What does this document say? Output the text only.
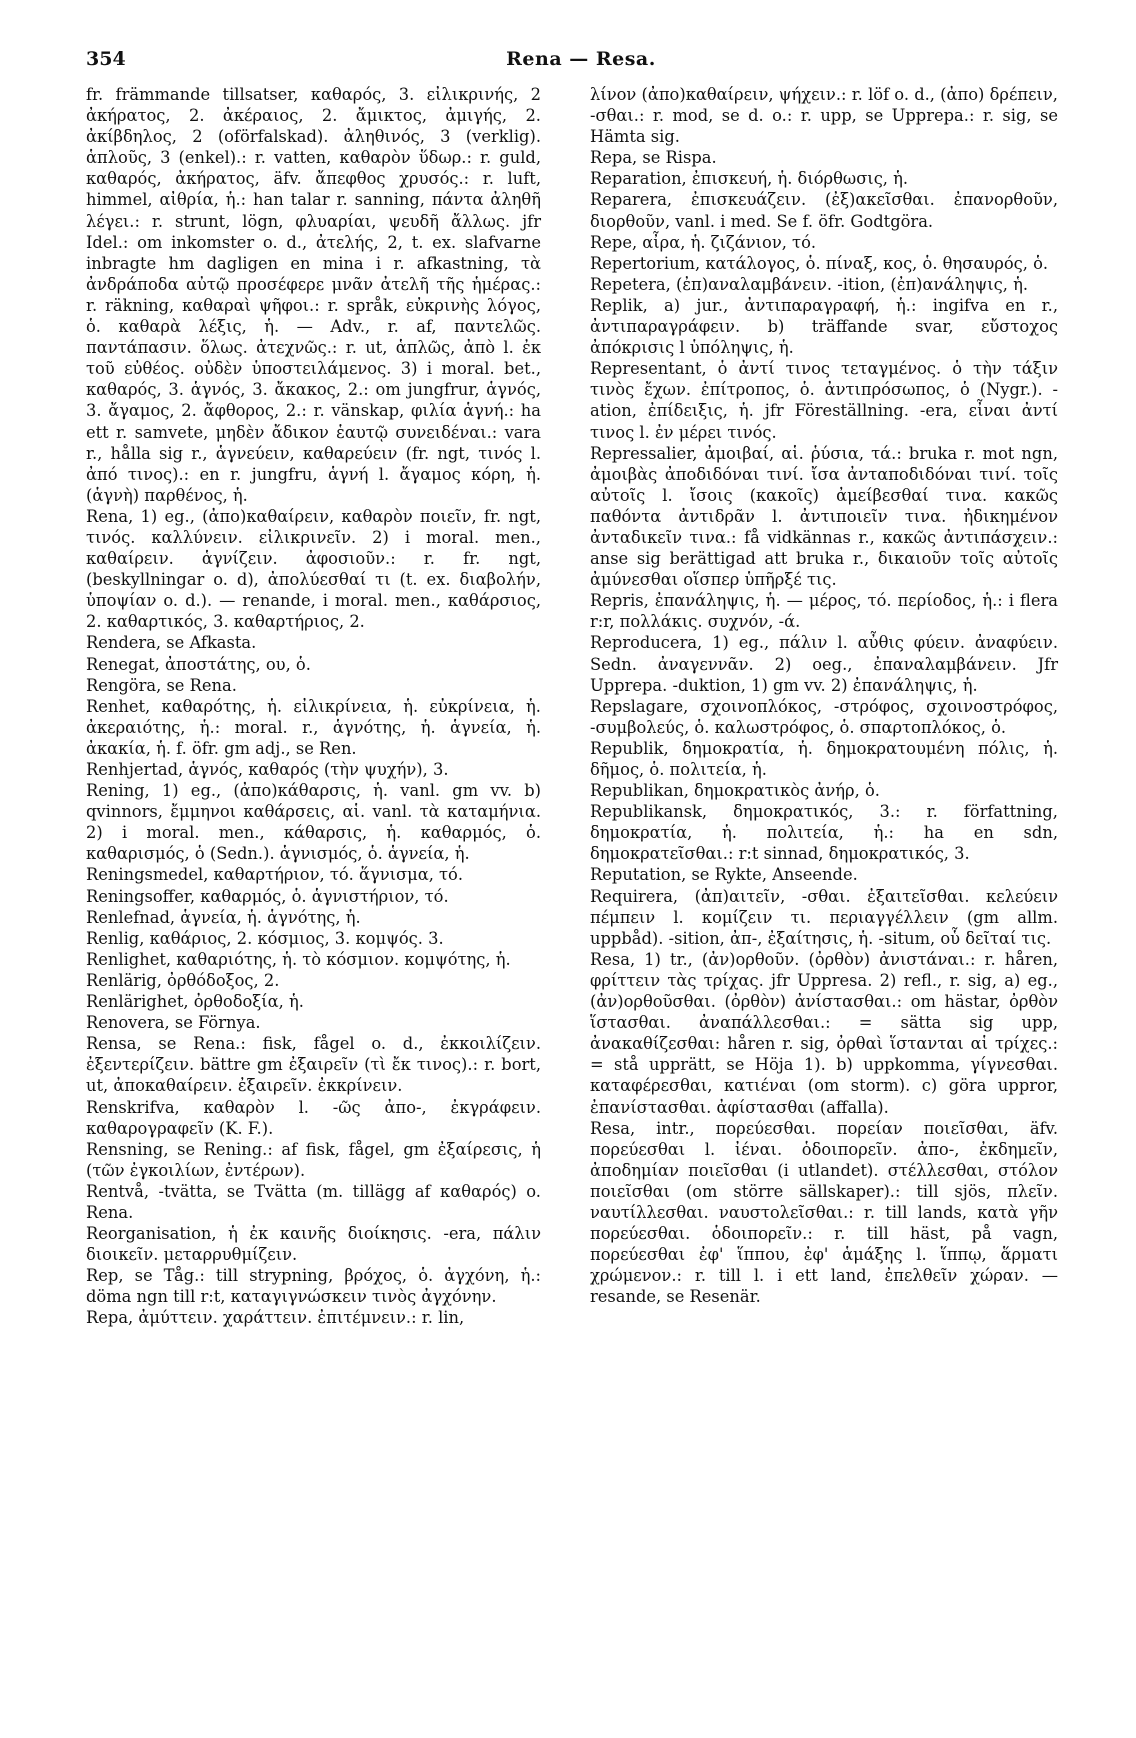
354	Rena — Resa.

fr. främmande tillsatser, καθαρός, 3. εἰλικρινής, 2 ἀκήρατος, 2. ἀκέραιος, 2. ἄμικτος, ἀμιγής, 2. ἀκίβδηλος, 2 (oförfalskad). ἀληθινός, 3 (verklig). ἁπλοῦς, 3 (enkel).: r. vatten, καθαρὸν ὕδωρ.: r. guld, καθαρός, ἀκήρατος, äfv. ἄπεφθος χρυσός.: r. luft, himmel, αἰθρία, ἡ.: han talar r. sanning, πάντα ἀληθῆ λέγει.: r. strunt, lögn, φλυαρίαι, ψευδῆ ἄλλως. jfr Idel.: om inkomster o. d., ἀτελής, 2, t. ex. slafvarne inbragte hm dagligen en mina i r. afkastning, τὰ ἀνδράποδα αὐτῷ προσέφερε μνᾶν ἀτελῆ τῆς ἡμέρας.: r. räkning, καθαραὶ ψῆφοι.: r. språk, εὐκρινὴς λόγος, ὁ. καθαρὰ λέξις, ἡ. — Adv., r. af, παντελῶς. παντάπασιν. ὅλως. ἀτεχνῶς.: r. ut, ἁπλῶς, ἀπὸ l. ἐκ τοῦ εὐθέος. οὐδὲν ὑποστειλάμενος. 3) i moral. bet., καθαρός, 3. ἁγνός, 3. ἄκακος, 2.: om jungfrur, ἁγνός, 3. ἄγαμος, 2. ἄφθορος, 2.: r. vänskap, φιλία ἁγνή.: ha ett r. samvete, μηδὲν ἄδικον ἑαυτῷ συνειδέναι.: vara r., hålla sig r., ἁγνεύειν, καθαρεύειν (fr. ngt, τινός l. ἀπό τινος).: en r. jungfru, ἁγνή l. ἄγαμος κόρη, ἡ. (ἁγνὴ) παρθένος, ἡ.

Rena, 1) eg., (ἀπο)καθαίρειν, καθαρὸν ποιεῖν, fr. ngt, τινός. καλλύνειν. εἰλικρινεῖν. 2) i moral. men., καθαίρειν. ἁγνίζειν. ἀφοσιοῦν.: r. fr. ngt, (beskyllningar o. d), ἀπολύεσθαί τι (t. ex. διαβολήν, ὑποψίαν o. d.). — renande, i moral. men., καθάρσιος, 2. καθαρτικός, 3. καθαρτήριος, 2.

Rendera, se Afkasta.

Renegat, ἀποστάτης, ου, ὁ.

Rengöra, se Rena.

Renhet, καθαρότης, ἡ. εἰλικρίνεια, ἡ. εὐκρίνεια, ἡ. ἀκεραιότης, ἡ.: moral. r., ἁγνότης, ἡ. ἁγνεία, ἡ. ἀκακία, ἡ. f. öfr. gm adj., se Ren.

Renhjertad, ἁγνός, καθαρός (τὴν ψυχήν), 3.

Rening, 1) eg., (ἀπο)κάθαρσις, ἡ. vanl. gm vv. b) qvinnors, ἔμμηνοι καθάρσεις, αἱ. vanl. τὰ καταμήνια. 2) i moral. men., κάθαρσις, ἡ. καθαρμός, ὁ. καθαρισμός, ὁ (Sedn.). ἁγνισμός, ὁ. ἁγνεία, ἡ.

Reningsmedel, καθαρτήριον, τό. ἅγνισμα, τό.

Reningsoffer, καθαρμός, ὁ. ἁγνιστήριον, τό.

Renlefnad, ἁγνεία, ἡ. ἁγνότης, ἡ.

Renlig, καθάριος, 2. κόσμιος, 3. κομψός. 3.

Renlighet, καθαριότης, ἡ. τὸ κόσμιον. κομψότης, ἡ.

Renlärig, ὀρθόδοξος, 2.

Renlärighet, ὀρθοδοξία, ἡ.

Renovera, se Förnya.

Rensa, se Rena.: fisk, fågel o. d., ἐκκοιλίζειν. ἐξεντερίζειν. bättre gm ἐξαιρεῖν (τὶ ἔκ τινος).: r. bort, ut, ἀποκαθαίρειν. ἐξαιρεῖν. ἐκκρίνειν.

Renskrifva, καθαρὸν l. -ῶς ἀπο-, ἐκγράφειν. καθαρογραφεῖν (K. F.).

Rensning, se Rening.: af fisk, fågel, gm ἐξαίρεσις, ἡ (τῶν ἐγκοιλίων, ἐντέρων).

Rentvå, -tvätta, se Tvätta (m. tillägg af καθαρός) o. Rena.

Reorganisation, ἡ ἐκ καινῆς διοίκησις. -era, πάλιν διοικεῖν. μεταρρυθμίζειν.

Rep, se Tåg.: till strypning, βρόχος, ὁ. ἀγχόνη, ἡ.: döma ngn till r:t, καταγιγνώσκειν τινὸς ἀγχόνην.

Repa, ἀμύττειν. χαράττειν. ἐπιτέμνειν.: r. lin,

λίνον (ἀπο)καθαίρειν, ψήχειν.: r. löf o. d., (ἀπο) δρέπειν, -σθαι.: r. mod, se d. o.: r. upp, se Upprepa.: r. sig, se Hämta sig.

Repa, se Rispa.

Reparation, ἐπισκευή, ἡ. διόρθωσις, ἡ.

Reparera, ἐπισκευάζειν. (ἐξ)ακεῖσθαι. ἐπανορθοῦν, διορθοῦν, vanl. i med. Se f. öfr. Godtgöra.

Repe, αἶρα, ἡ. ζιζάνιον, τό.

Repertorium, κατάλογος, ὁ. πίναξ, κος, ὁ. θησαυρός, ὁ.

Repetera, (ἐπ)αναλαμβάνειν. -ition, (ἐπ)ανάληψις, ἡ.

Replik, a) jur., ἀντιπαραγραφή, ἡ.: ingifva en r., ἀντιπαραγράφειν. b) träffande svar, εὔστοχος ἀπόκρισις l ὑπόληψις, ἡ.

Representant, ὁ ἀντί τινος τεταγμένος. ὁ τὴν τάξιν τινὸς ἔχων. ἐπίτροπος, ὁ. ἀντιπρόσωπος, ὁ (Nygr.). -ation, ἐπίδειξις, ἡ. jfr Föreställning. -era, εἶναι ἀντί τινος l. ἐν μέρει τινός.

Repressalier, ἀμοιβαί, αἱ. ῥύσια, τά.: bruka r. mot ngn, ἀμοιβὰς ἀποδιδόναι τινί. ἴσα ἀνταποδιδόναι τινί. τοῖς αὐτοῖς l. ἴσοις (κακοῖς) ἀμείβεσθαί τινα. κακῶς παθόντα ἀντιδρᾶν l. ἀντιποιεῖν τινα. ἠδικημένον ἀνταδικεῖν τινα.: få vidkännas r., κακῶς ἀντιπάσχειν.: anse sig berättigad att bruka r., δικαιοῦν τοῖς αὐτοῖς ἀμύνεσθαι οἵσπερ ὑπῆρξέ τις.

Repris, ἐπανάληψις, ἡ. — μέρος, τό. περίοδος, ἡ.: i flera r:r, πολλάκις. συχνόν, -ά.

Reproducera, 1) eg., πάλιν l. αὖθις φύειν. ἀναφύειν. Sedn. ἀναγεννᾶν. 2) oeg., ἐπαναλαμβάνειν. Jfr Upprepa. -duktion, 1) gm vv. 2) ἐπανάληψις, ἡ.

Repslagare, σχοινοπλόκος, -στρόφος, σχοινοστρόφος, -συμβολεύς, ὁ. καλωστρόφος, ὁ. σπαρτοπλόκος, ὁ.

Republik, δημοκρατία, ἡ. δημοκρατουμένη πόλις, ἡ. δῆμος, ὁ. πολιτεία, ἡ.

Republikan, δημοκρατικὸς ἀνήρ, ὁ.

Republikansk, δημοκρατικός, 3.: r. författning, δημοκρατία, ἡ. πολιτεία, ἡ.: ha en sdn, δημοκρατεῖσθαι.: r:t sinnad, δημοκρατικός, 3.

Reputation, se Rykte, Anseende.

Requirera, (ἀπ)αιτεῖν, -σθαι. ἐξαιτεῖσθαι. κελεύειν πέμπειν l. κομίζειν τι. περιαγγέλλειν (gm allm. uppbåd). -sition, ἀπ-, ἐξαίτησις, ἡ. -situm, οὗ δεῖταί τις.

Resa, 1) tr., (ἀν)ορθοῦν. (ὀρθὸν) ἀνιστάναι.: r. håren, φρίττειν τὰς τρίχας. jfr Uppresa. 2) refl., r. sig, a) eg., (ἀν)ορθοῦσθαι. (ὀρθὸν) ἀνίστασθαι.: om hästar, ὀρθὸν ἵστασθαι. ἀναπάλλεσθαι.: = sätta sig upp, ἀνακαθίζεσθαι: håren r. sig, ὀρθαὶ ἵστανται αἱ τρίχες.: = stå upprätt, se Höja 1). b) uppkomma, γίγνεσθαι. καταφέρεσθαι, κατιέναι (om storm). c) göra uppror, ἐπανίστασθαι. ἀφίστασθαι (affalla).

Resa, intr., πορεύεσθαι. πορείαν ποιεῖσθαι, äfv. πορεύεσθαι l. ἰέναι. ὁδοιπορεῖν. ἀπο-, ἐκδημεῖν, ἀποδημίαν ποιεῖσθαι (i utlandet). στέλλεσθαι, στόλον ποιεῖσθαι (om större sällskaper).: till sjös, πλεῖν. ναυτίλλεσθαι. ναυστολεῖσθαι.: r. till lands, κατὰ γῆν πορεύεσθαι. ὁδοιπορεῖν.: r. till häst, på vagn, πορεύεσθαι ἐφ' ἵππου, ἐφ' ἁμάξης l. ἵππῳ, ἅρματι χρώμενον.: r. till l. i ett land, ἐπελθεῖν χώραν. — resande, se Resenär.
